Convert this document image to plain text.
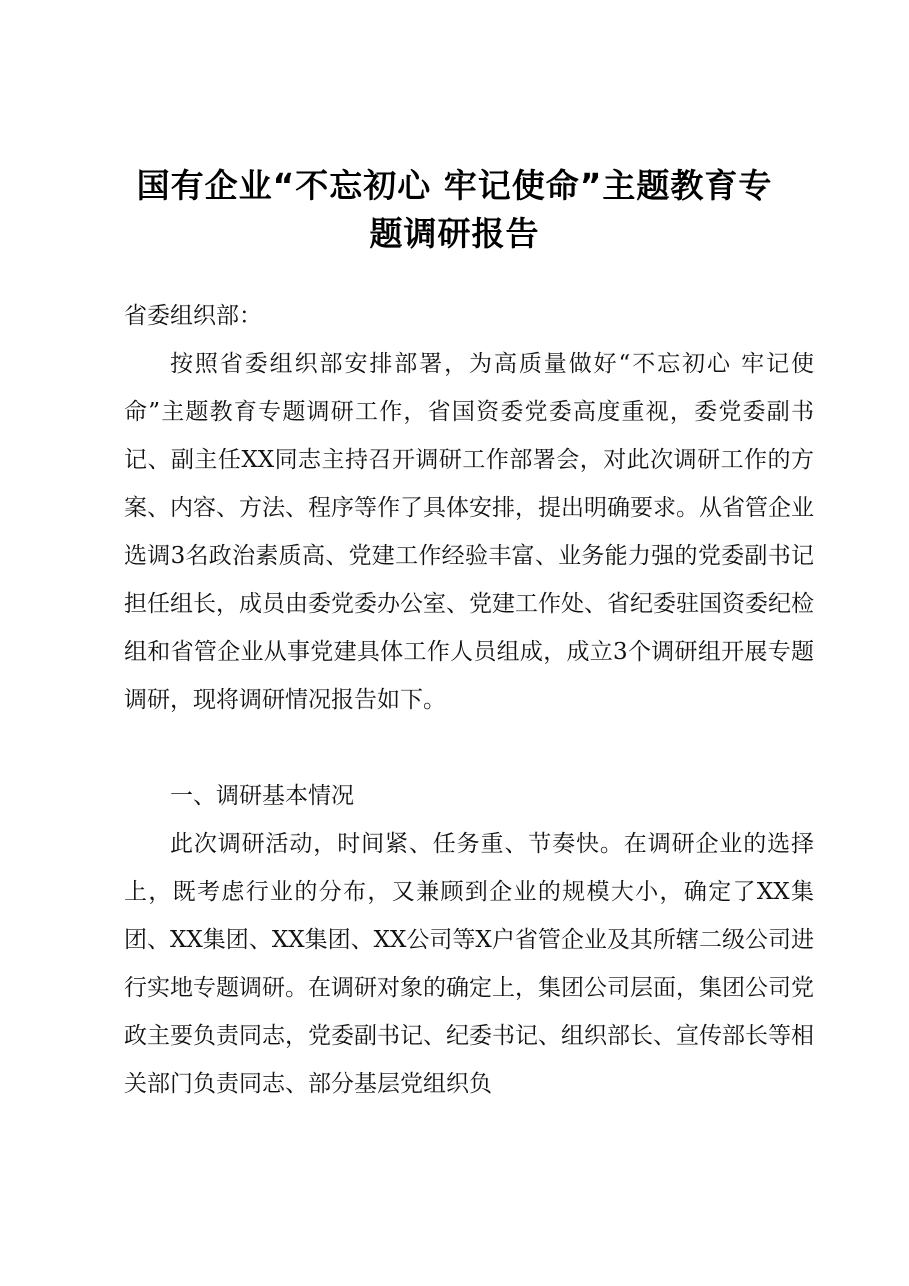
国有企业“不忘初心 牢记使命”主题教育专
题调研报告
省委组织部：

按照省委组织部安排部署，为高质量做好“不忘初心 牢记使命”主题教育专题调研工作，省国资委党委高度重视，委党委副书记、副主任XX同志主持召开调研工作部署会，对此次调研工作的方案、内容、方法、程序等作了具体安排，提出明确要求。从省管企业选调3名政治素质高、党建工作经验丰富、业务能力强的党委副书记担任组长，成员由委党委办公室、党建工作处、省纪委驻国资委纪检组和省管企业从事党建具体工作人员组成，成立3个调研组开展专题调研，现将调研情况报告如下。

一、调研基本情况

此次调研活动，时间紧、任务重、节奏快。在调研企业的选择上，既考虑行业的分布，又兼顾到企业的规模大小，确定了XX集团、XX集团、XX集团、XX公司等X户省管企业及其所辖二级公司进行实地专题调研。在调研对象的确定上，集团公司层面，集团公司党政主要负责同志，党委副书记、纪委书记、组织部长、宣传部长等相关部门负责同志、部分基层党组织负
